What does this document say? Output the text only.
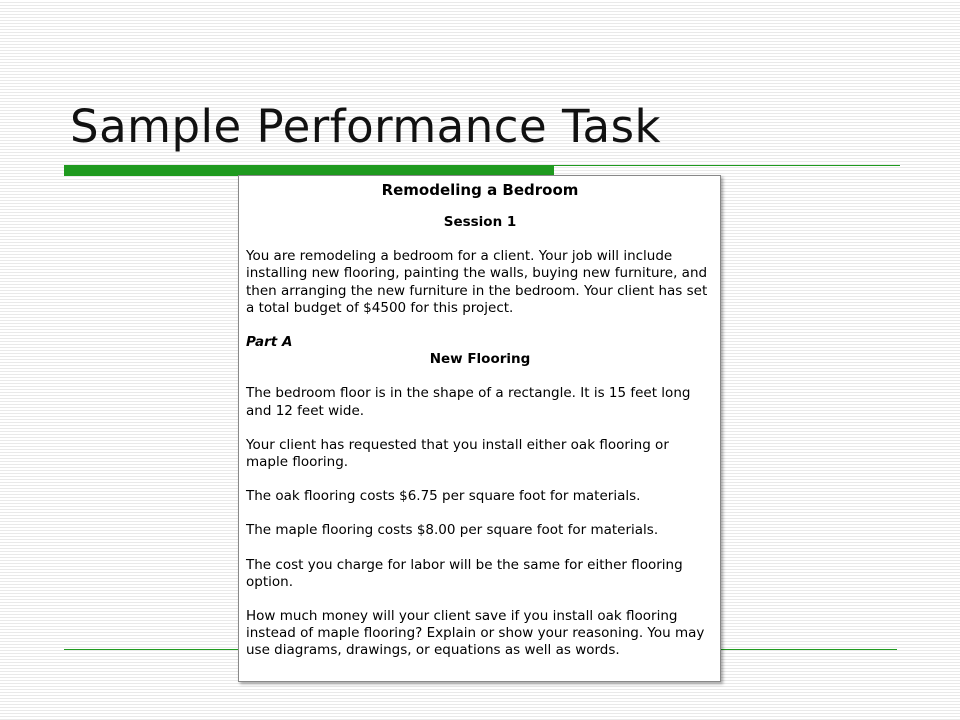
Sample Performance Task
Remodeling a Bedroom
Session 1

You are remodeling a bedroom for a client. Your job will include installing new flooring, painting the walls, buying new furniture, and then arranging the new furniture in the bedroom. Your client has set a total budget of $4500 for this project.

Part A

New Flooring

The bedroom floor is in the shape of a rectangle. It is 15 feet long and 12 feet wide.

Your client has requested that you install either oak flooring or maple flooring.

The oak flooring costs $6.75 per square foot for materials.

The maple flooring costs $8.00 per square foot for materials.

The cost you charge for labor will be the same for either flooring option.

How much money will your client save if you install oak flooring instead of maple flooring? Explain or show your reasoning. You may use diagrams, drawings, or equations as well as words.
